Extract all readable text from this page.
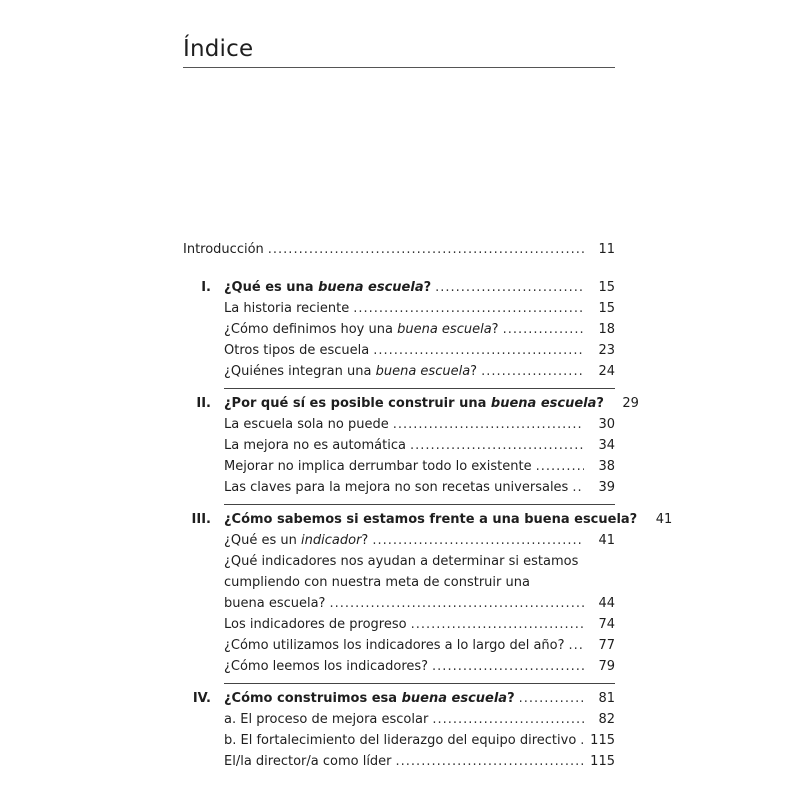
Índice
Introducción .....	11
I. ¿Qué es una buena escuela? .....	15
La historia reciente .....	15
¿Cómo definimos hoy una buena escuela? .....	18
Otros tipos de escuela .....	23
¿Quiénes integran una buena escuela? .....	24
II. ¿Por qué sí es posible construir una buena escuela?	29
La escuela sola no puede .....	30
La mejora no es automática .....	34
Mejorar no implica derrumbar todo lo existente .....	38
Las claves para la mejora no son recetas universales .....	39
III. ¿Cómo sabemos si estamos frente a una buena escuela?	41
¿Qué es un indicador? .....	41
¿Qué indicadores nos ayudan a determinar si estamos
cumpliendo con nuestra meta de construir una
buena escuela? .....	44
Los indicadores de progreso .....	74
¿Cómo utilizamos los indicadores a lo largo del año? .....	77
¿Cómo leemos los indicadores? .....	79
IV. ¿Cómo construimos esa buena escuela? .....	81
a. El proceso de mejora escolar .....	82
b. El fortalecimiento del liderazgo del equipo directivo ..... 115
El/la director/a como líder .....	115
